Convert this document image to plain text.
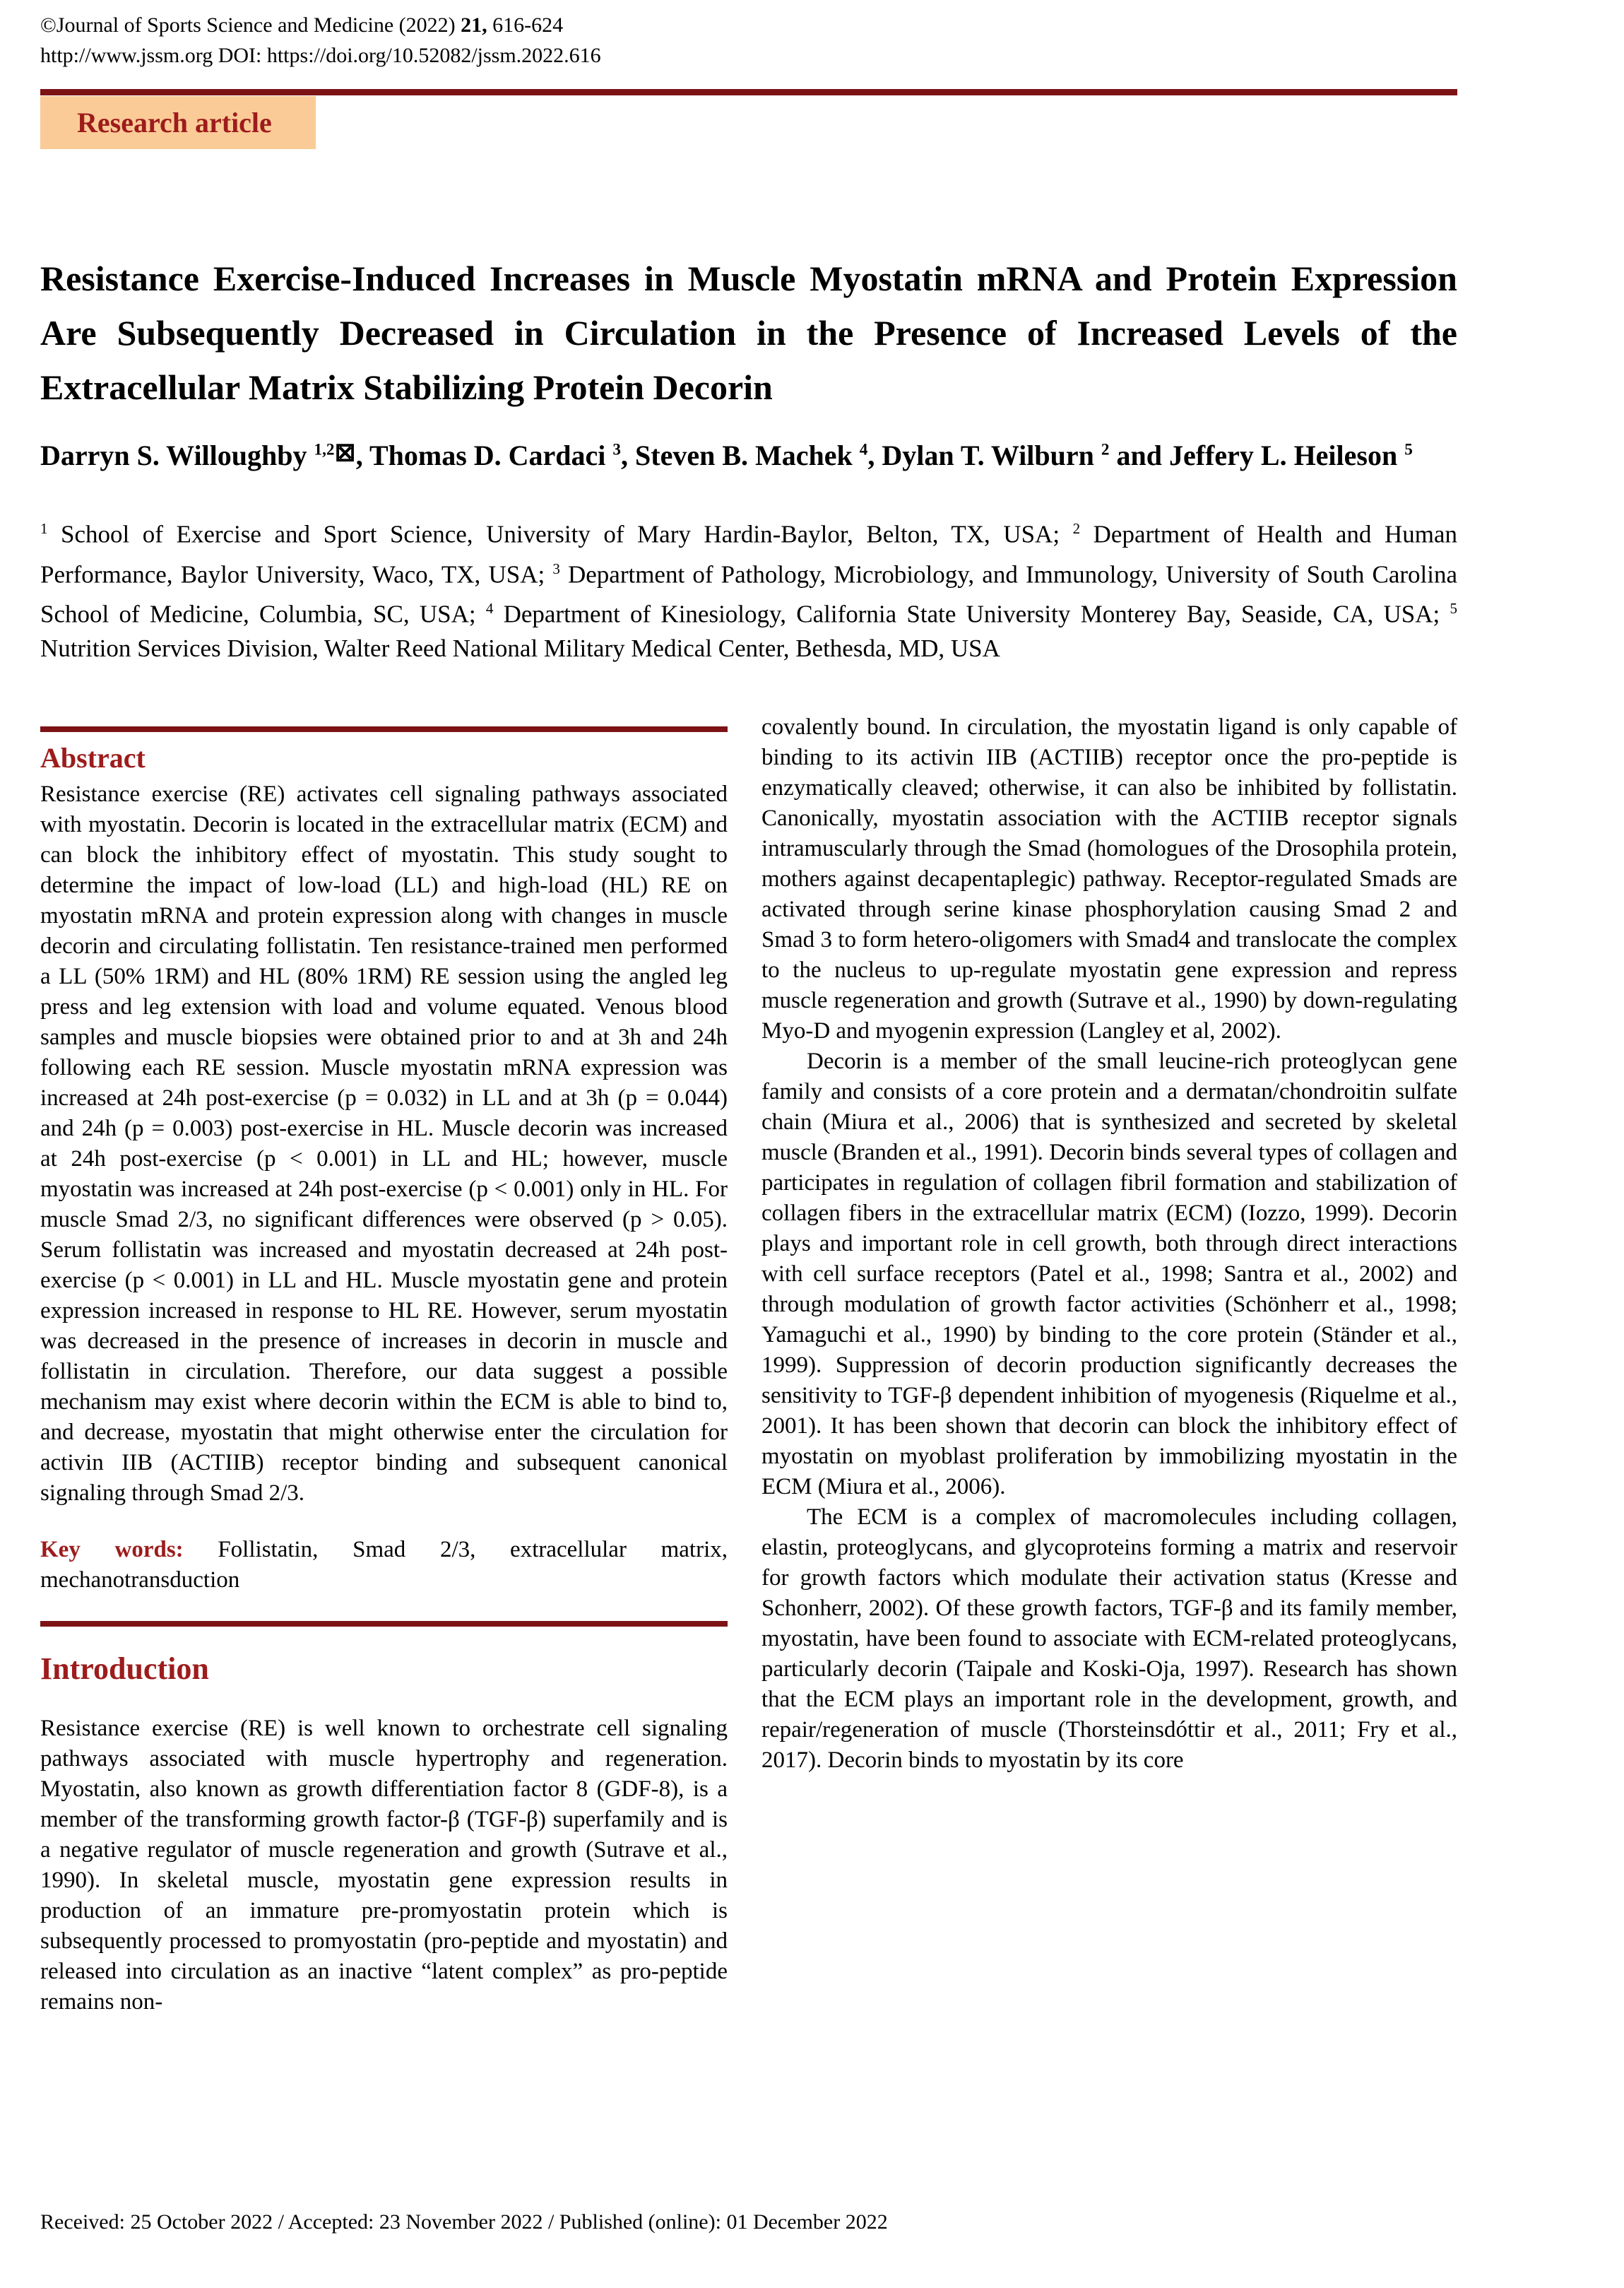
©Journal of Sports Science and Medicine (2022) 21, 616-624
http://www.jssm.org DOI: https://doi.org/10.52082/jssm.2022.616
Research article
Resistance Exercise-Induced Increases in Muscle Myostatin mRNA and Protein Expression Are Subsequently Decreased in Circulation in the Presence of Increased Levels of the Extracellular Matrix Stabilizing Protein Decorin
Darryn S. Willoughby $^{1,2}$⊠, Thomas D. Cardaci $^3$, Steven B. Machek $^4$, Dylan T. Wilburn $^2$ and Jeffery L. Heileson $^5$
$^1$ School of Exercise and Sport Science, University of Mary Hardin-Baylor, Belton, TX, USA; $^2$ Department of Health and Human Performance, Baylor University, Waco, TX, USA; $^3$ Department of Pathology, Microbiology, and Immunology, University of South Carolina School of Medicine, Columbia, SC, USA; $^4$ Department of Kinesiology, California State University Monterey Bay, Seaside, CA, USA; $^5$ Nutrition Services Division, Walter Reed National Military Medical Center, Bethesda, MD, USA
Abstract

Resistance exercise (RE) activates cell signaling pathways associated with myostatin. Decorin is located in the extracellular matrix (ECM) and can block the inhibitory effect of myostatin. This study sought to determine the impact of low-load (LL) and high-load (HL) RE on myostatin mRNA and protein expression along with changes in muscle decorin and circulating follistatin. Ten resistance-trained men performed a LL (50% 1RM) and HL (80% 1RM) RE session using the angled leg press and leg extension with load and volume equated. Venous blood samples and muscle biopsies were obtained prior to and at 3h and 24h following each RE session. Muscle myostatin mRNA expression was increased at 24h post-exercise (p = 0.032) in LL and at 3h (p = 0.044) and 24h (p = 0.003) post-exercise in HL. Muscle decorin was increased at 24h post-exercise (p < 0.001) in LL and HL; however, muscle myostatin was increased at 24h post-exercise (p < 0.001) only in HL. For muscle Smad 2/3, no significant differences were observed (p > 0.05). Serum follistatin was increased and myostatin decreased at 24h post-exercise (p < 0.001) in LL and HL. Muscle myostatin gene and protein expression increased in response to HL RE. However, serum myostatin was decreased in the presence of increases in decorin in muscle and follistatin in circulation. Therefore, our data suggest a possible mechanism may exist where decorin within the ECM is able to bind to, and decrease, myostatin that might otherwise enter the circulation for activin IIB (ACTIIB) receptor binding and subsequent canonical signaling through Smad 2/3.

Key words: Follistatin, Smad 2/3, extracellular matrix, mechanotransduction

Introduction

Resistance exercise (RE) is well known to orchestrate cell signaling pathways associated with muscle hypertrophy and regeneration. Myostatin, also known as growth differentiation factor 8 (GDF-8), is a member of the transforming growth factor-β (TGF-β) superfamily and is a negative regulator of muscle regeneration and growth (Sutrave et al., 1990). In skeletal muscle, myostatin gene expression results in production of an immature pre-promyostatin protein which is subsequently processed to promyostatin (pro-peptide and myostatin) and released into circulation as an inactive “latent complex” as pro-peptide remains non-

covalently bound. In circulation, the myostatin ligand is only capable of binding to its activin IIB (ACTIIB) receptor once the pro-peptide is enzymatically cleaved; otherwise, it can also be inhibited by follistatin. Canonically, myostatin association with the ACTIIB receptor signals intramuscularly through the Smad (homologues of the Drosophila protein, mothers against decapentaplegic) pathway. Receptor-regulated Smads are activated through serine kinase phosphorylation causing Smad 2 and Smad 3 to form hetero-oligomers with Smad4 and translocate the complex to the nucleus to up-regulate myostatin gene expression and repress muscle regeneration and growth (Sutrave et al., 1990) by down-regulating Myo-D and myogenin expression (Langley et al, 2002).

Decorin is a member of the small leucine-rich proteoglycan gene family and consists of a core protein and a dermatan/chondroitin sulfate chain (Miura et al., 2006) that is synthesized and secreted by skeletal muscle (Branden et al., 1991). Decorin binds several types of collagen and participates in regulation of collagen fibril formation and stabilization of collagen fibers in the extracellular matrix (ECM) (Iozzo, 1999). Decorin plays and important role in cell growth, both through direct interactions with cell surface receptors (Patel et al., 1998; Santra et al., 2002) and through modulation of growth factor activities (Schönherr et al., 1998; Yamaguchi et al., 1990) by binding to the core protein (Ständer et al., 1999). Suppression of decorin production significantly decreases the sensitivity to TGF-β dependent inhibition of myogenesis (Riquelme et al., 2001). It has been shown that decorin can block the inhibitory effect of myostatin on myoblast proliferation by immobilizing myostatin in the ECM (Miura et al., 2006).

The ECM is a complex of macromolecules including collagen, elastin, proteoglycans, and glycoproteins forming a matrix and reservoir for growth factors which modulate their activation status (Kresse and Schonherr, 2002). Of these growth factors, TGF-β and its family member, myostatin, have been found to associate with ECM-related proteoglycans, particularly decorin (Taipale and Koski-Oja, 1997). Research has shown that the ECM plays an important role in the development, growth, and repair/regeneration of muscle (Thorsteinsdóttir et al., 2011; Fry et al., 2017). Decorin binds to myostatin by its core

Received: 25 October 2022 / Accepted: 23 November 2022 / Published (online): 01 December 2022
